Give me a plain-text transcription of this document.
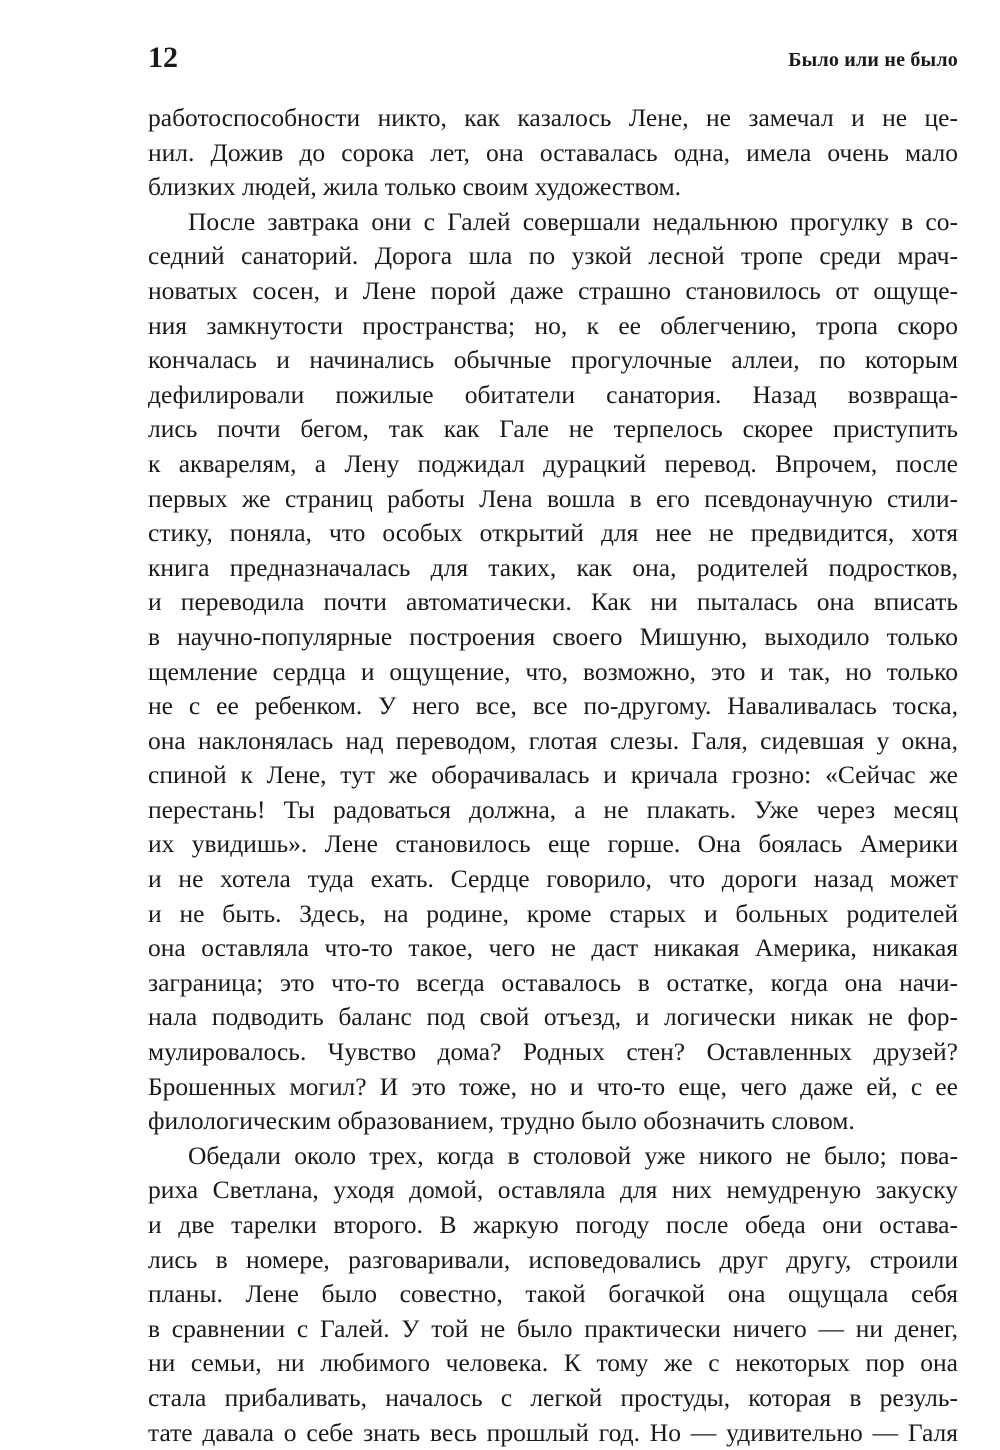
12	Было или не было
работоспособности никто, как казалось Лене, не замечал и не це-
нил. Дожив до сорока лет, она оставалась одна, имела очень мало
близких людей, жила только своим художеством.
После завтрака они с Галей совершали недальнюю прогулку в со-
седний санаторий. Дорога шла по узкой лесной тропе среди мрач-
новатых сосен, и Лене порой даже страшно становилось от ощуще-
ния замкнутости пространства; но, к ее облегчению, тропа скоро
кончалась и начинались обычные прогулочные аллеи, по которым
дефилировали пожилые обитатели санатория. Назад возвраща-
лись почти бегом, так как Гале не терпелось скорее приступить
к акварелям, а Лену поджидал дурацкий перевод. Впрочем, после
первых же страниц работы Лена вошла в его псевдонаучную стили-
стику, поняла, что особых открытий для нее не предвидится, хотя
книга предназначалась для таких, как она, родителей подростков,
и переводила почти автоматически. Как ни пыталась она вписать
в научно-популярные построения своего Мишуню, выходило только
щемление сердца и ощущение, что, возможно, это и так, но только
не с ее ребенком. У него все, все по-другому. Наваливалась тоска,
она наклонялась над переводом, глотая слезы. Галя, сидевшая у окна,
спиной к Лене, тут же оборачивалась и кричала грозно: «Сейчас же
перестань! Ты радоваться должна, а не плакать. Уже через месяц
их увидишь». Лене становилось еще горше. Она боялась Америки
и не хотела туда ехать. Сердце говорило, что дороги назад может
и не быть. Здесь, на родине, кроме старых и больных родителей
она оставляла что-то такое, чего не даст никакая Америка, никакая
заграница; это что-то всегда оставалось в остатке, когда она начи-
нала подводить баланс под свой отъезд, и логически никак не фор-
мулировалось. Чувство дома? Родных стен? Оставленных друзей?
Брошенных могил? И это тоже, но и что-то еще, чего даже ей, с ее
филологическим образованием, трудно было обозначить словом.
Обедали около трех, когда в столовой уже никого не было; пова-
риха Светлана, уходя домой, оставляла для них немудреную закуску
и две тарелки второго. В жаркую погоду после обеда они остава-
лись в номере, разговаривали, исповедовались друг другу, строили
планы. Лене было совестно, такой богачкой она ощущала себя
в сравнении с Галей. У той не было практически ничего — ни денег,
ни семьи, ни любимого человека. К тому же с некоторых пор она
стала прибаливать, началось с легкой простуды, которая в резуль-
тате давала о себе знать весь прошлый год. Но — удивительно — Галя
